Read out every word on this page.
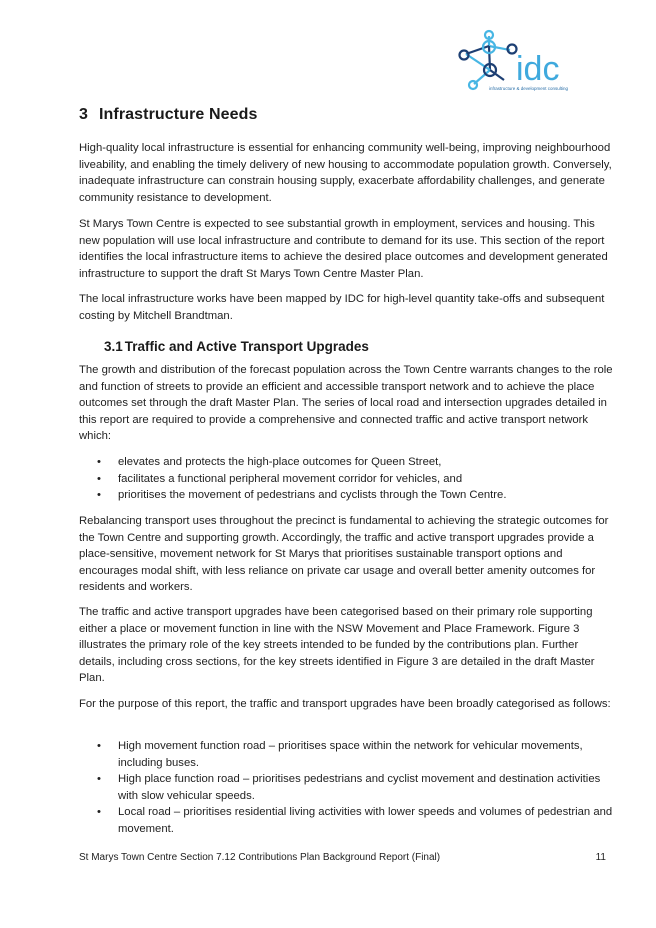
idc
infrastructure & development consulting
3 Infrastructure Needs

High-quality local infrastructure is essential for enhancing community well-being, improving neighbourhood liveability, and enabling the timely delivery of new housing to accommodate population growth. Conversely, inadequate infrastructure can constrain housing supply, exacerbate affordability challenges, and generate community resistance to development.

St Marys Town Centre is expected to see substantial growth in employment, services and housing. This new population will use local infrastructure and contribute to demand for its use. This section of the report identifies the local infrastructure items to achieve the desired place outcomes and development generated infrastructure to support the draft St Marys Town Centre Master Plan.

The local infrastructure works have been mapped by IDC for high-level quantity take-offs and subsequent costing by Mitchell Brandtman.

3.1 Traffic and Active Transport Upgrades

The growth and distribution of the forecast population across the Town Centre warrants changes to the role and function of streets to provide an efficient and accessible transport network and to achieve the place outcomes set through the draft Master Plan. The series of local road and intersection upgrades detailed in this report are required to provide a comprehensive and connected traffic and active transport network which:

• elevates and protects the high-place outcomes for Queen Street,
• facilitates a functional peripheral movement corridor for vehicles, and
• prioritises the movement of pedestrians and cyclists through the Town Centre.

Rebalancing transport uses throughout the precinct is fundamental to achieving the strategic outcomes for the Town Centre and supporting growth. Accordingly, the traffic and active transport upgrades provide a place-sensitive, movement network for St Marys that prioritises sustainable transport options and encourages modal shift, with less reliance on private car usage and overall better amenity outcomes for residents and workers.

The traffic and active transport upgrades have been categorised based on their primary role supporting either a place or movement function in line with the NSW Movement and Place Framework. Figure 3 illustrates the primary role of the key streets intended to be funded by the contributions plan. Further details, including cross sections, for the key streets identified in Figure 3 are detailed in the draft Master Plan.

For the purpose of this report, the traffic and transport upgrades have been broadly categorised as follows:

• High movement function road – prioritises space within the network for vehicular movements, including buses.
• High place function road – prioritises pedestrians and cyclist movement and destination activities with slow vehicular speeds.
• Local road – prioritises residential living activities with lower speeds and volumes of pedestrian and movement.
St Marys Town Centre Section 7.12 Contributions Plan Background Report (Final)	11
